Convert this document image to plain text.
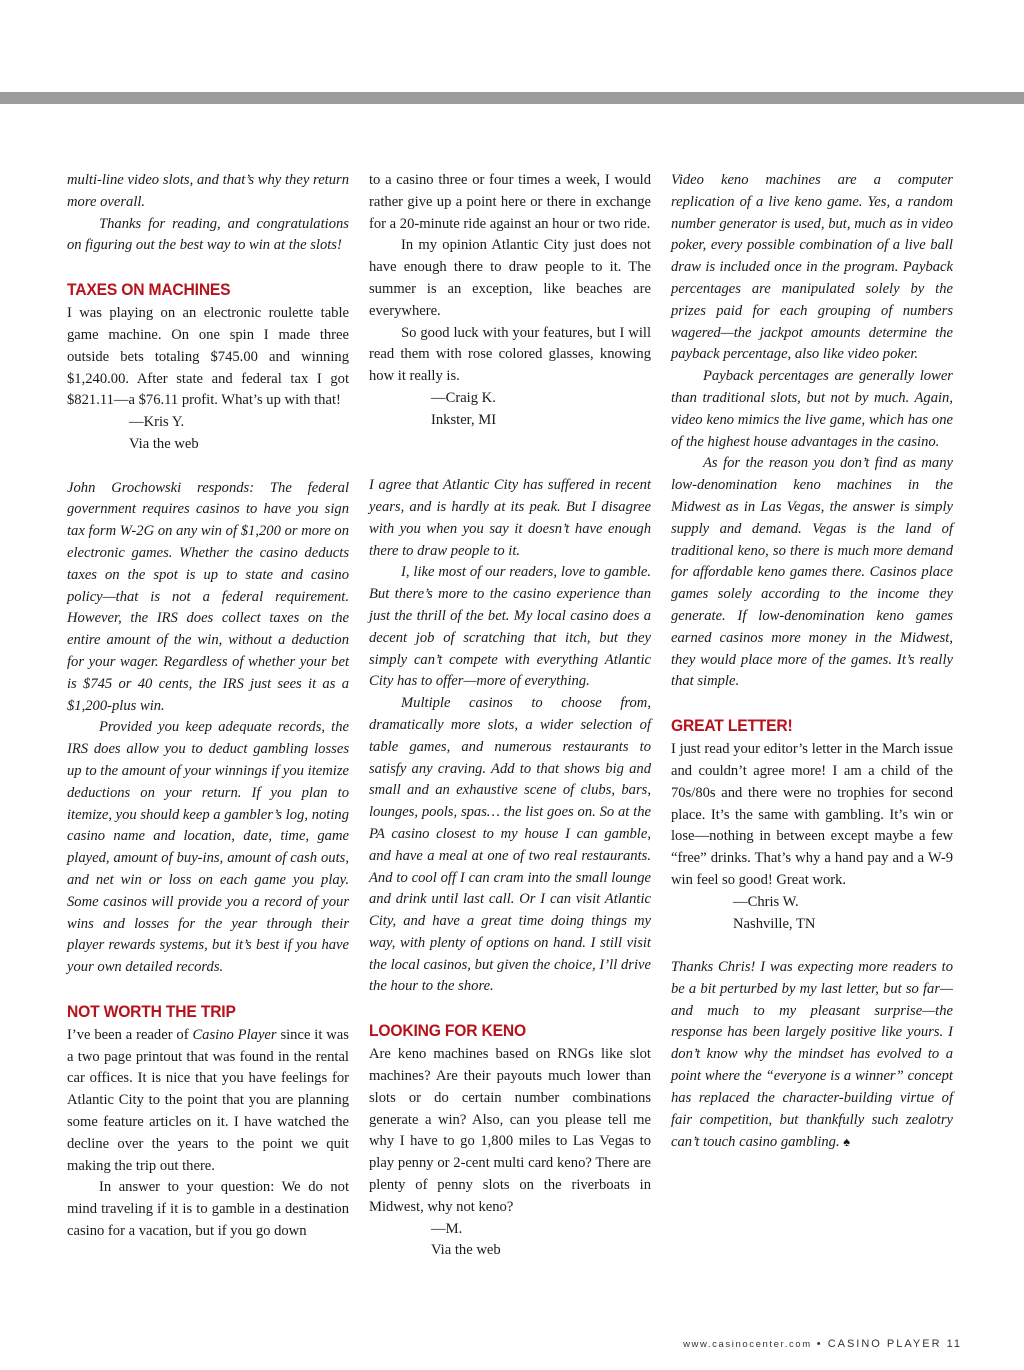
multi-line video slots, and that’s why they return more overall.

Thanks for reading, and congratulations on figuring out the best way to win at the slots!

TAXES ON MACHINES

I was playing on an electronic roulette table game machine. On one spin I made three outside bets totaling $745.00 and winning $1,240.00. After state and federal tax I got $821.11—a $76.11 profit. What’s up with that!

—Kris Y.

Via the web

John Grochowski responds: The federal government requires casinos to have you sign tax form W-2G on any win of $1,200 or more on electronic games. Whether the casino deducts taxes on the spot is up to state and casino policy—that is not a federal requirement. However, the IRS does collect taxes on the entire amount of the win, without a deduction for your wager. Regardless of whether your bet is $745 or 40 cents, the IRS just sees it as a $1,200-plus win.

Provided you keep adequate records, the IRS does allow you to deduct gambling losses up to the amount of your winnings if you itemize deductions on your return. If you plan to itemize, you should keep a gambler’s log, noting casino name and location, date, time, game played, amount of buy-ins, amount of cash outs, and net win or loss on each game you play. Some casinos will provide you a record of your wins and losses for the year through their player rewards systems, but it’s best if you have your own detailed records.

NOT WORTH THE TRIP

I’ve been a reader of Casino Player since it was a two page printout that was found in the rental car offices. It is nice that you have feelings for Atlantic City to the point that you are planning some feature articles on it. I have watched the decline over the years to the point we quit making the trip out there.

In answer to your question: We do not mind traveling if it is to gamble in a destination casino for a vacation, but if you go down

to a casino three or four times a week, I would rather give up a point here or there in exchange for a 20-minute ride against an hour or two ride.

In my opinion Atlantic City just does not have enough there to draw people to it. The summer is an exception, like beaches are everywhere.

So good luck with your features, but I will read them with rose colored glasses, knowing how it really is.

—Craig K.

Inkster, MI

I agree that Atlantic City has suffered in recent years, and is hardly at its peak. But I disagree with you when you say it doesn’t have enough there to draw people to it.

I, like most of our readers, love to gamble. But there’s more to the casino experience than just the thrill of the bet. My local casino does a decent job of scratching that itch, but they simply can’t compete with everything Atlantic City has to offer—more of everything.

Multiple casinos to choose from, dramatically more slots, a wider selection of table games, and numerous restaurants to satisfy any craving. Add to that shows big and small and an exhaustive scene of clubs, bars, lounges, pools, spas… the list goes on. So at the PA casino closest to my house I can gamble, and have a meal at one of two real restaurants. And to cool off I can cram into the small lounge and drink until last call. Or I can visit Atlantic City, and have a great time doing things my way, with plenty of options on hand. I still visit the local casinos, but given the choice, I’ll drive the hour to the shore.

LOOKING FOR KENO

Are keno machines based on RNGs like slot machines? Are their payouts much lower than slots or do certain number combinations generate a win? Also, can you please tell me why I have to go 1,800 miles to Las Vegas to play penny or 2-cent multi card keno? There are plenty of penny slots on the riverboats in Midwest, why not keno?

—M.

Via the web

Video keno machines are a computer replication of a live keno game. Yes, a random number generator is used, but, much as in video poker, every possible combination of a live ball draw is included once in the program. Payback percentages are manipulated solely by the prizes paid for each grouping of numbers wagered—the jackpot amounts determine the payback percentage, also like video poker.

Payback percentages are generally lower than traditional slots, but not by much. Again, video keno mimics the live game, which has one of the highest house advantages in the casino.

As for the reason you don’t find as many low-denomination keno machines in the Midwest as in Las Vegas, the answer is simply supply and demand. Vegas is the land of traditional keno, so there is much more demand for affordable keno games there. Casinos place games solely according to the income they generate. If low-denomination keno games earned casinos more money in the Midwest, they would place more of the games. It’s really that simple.

GREAT LETTER!

I just read your editor’s letter in the March issue and couldn’t agree more! I am a child of the 70s/80s and there were no trophies for second place. It’s the same with gambling. It’s win or lose—nothing in between except maybe a few “free” drinks. That’s why a hand pay and a W-9 win feel so good! Great work.

—Chris W.

Nashville, TN

Thanks Chris! I was expecting more readers to be a bit perturbed by my last letter, but so far—and much to my pleasant surprise—the response has been largely positive like yours. I don’t know why the mindset has evolved to a point where the “everyone is a winner” concept has replaced the character-building virtue of fair competition, but thankfully such zealotry can’t touch casino gambling. ♠

www.casinocenter.com • CASINO PLAYER 11
